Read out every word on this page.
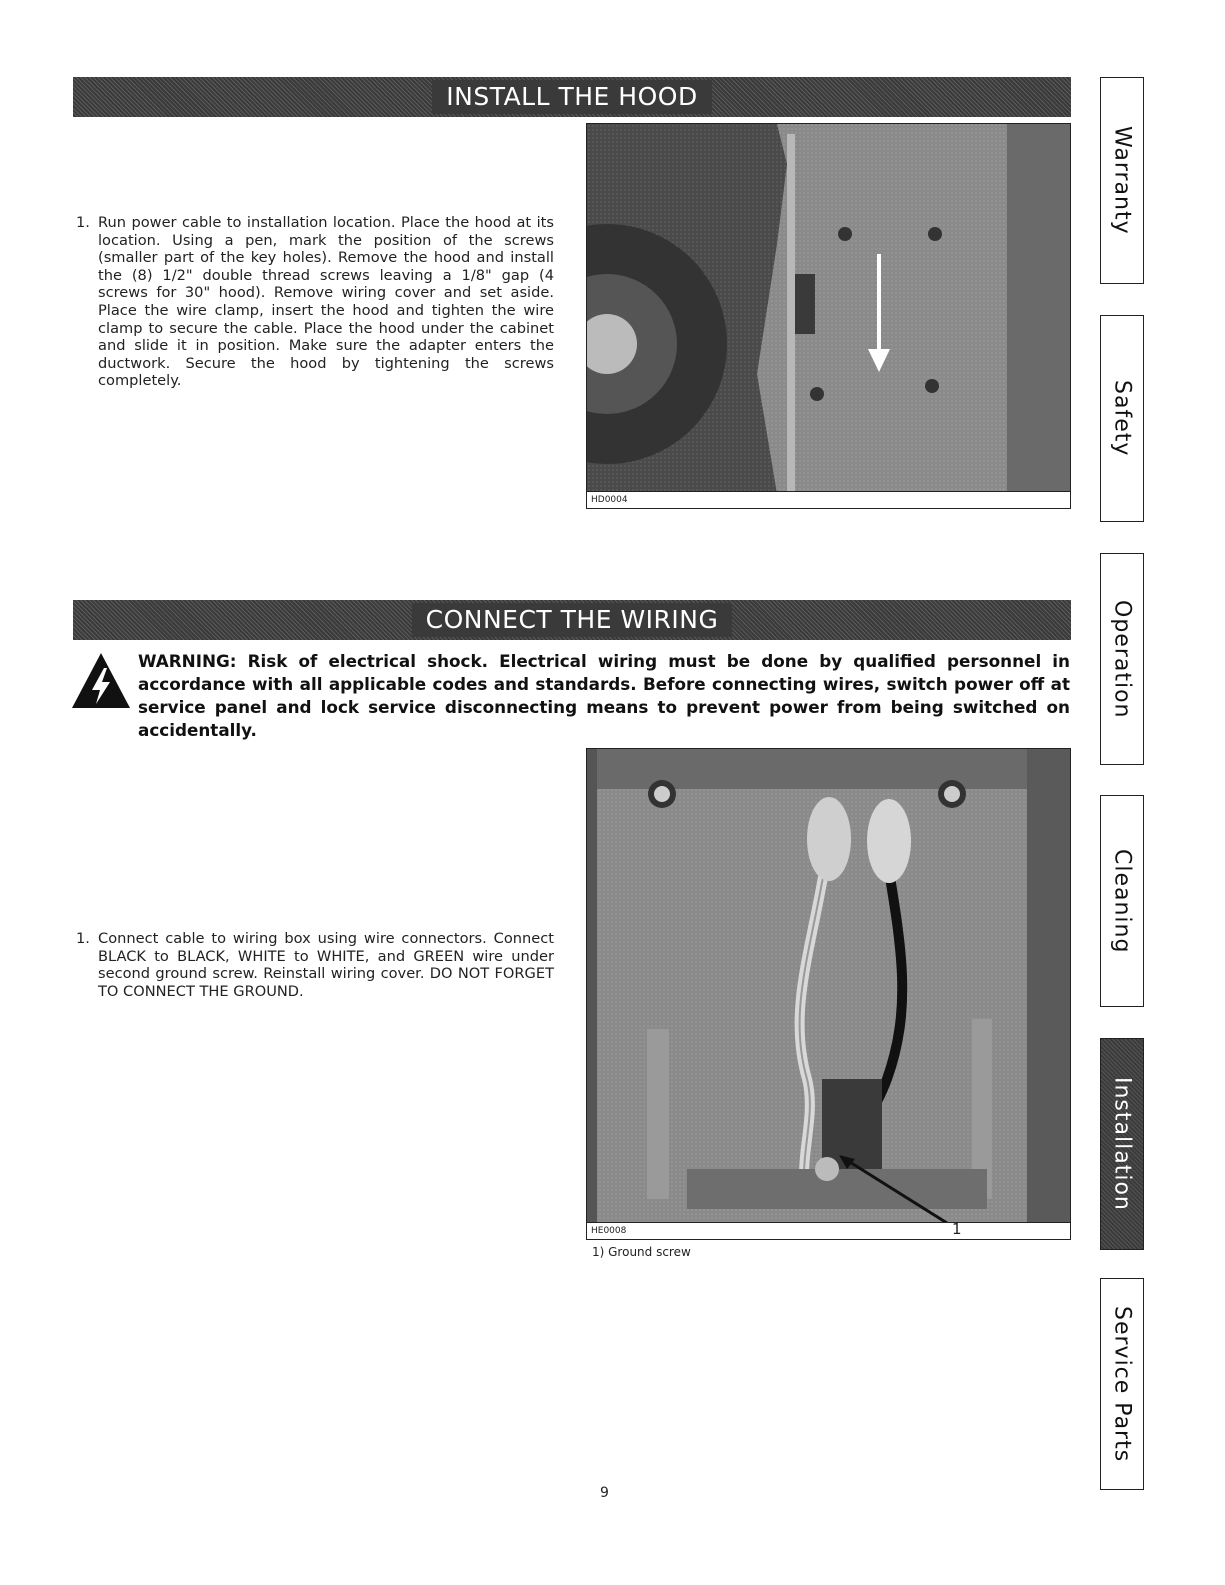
INSTALL THE HOOD
1. Run power cable to installation location. Place the hood at its location. Using a pen, mark the position of the screws (smaller part of the key holes). Remove the hood and install the (8) 1/2" double thread screws leaving a 1/8" gap (4 screws for 30" hood). Remove wiring cover and set aside. Place the wire clamp, insert the hood and tighten the wire clamp to secure the cable. Place the hood under the cabinet and slide it in position. Make sure the adapter enters the ductwork. Secure the hood by tightening the screws completely.
HD0004
CONNECT THE WIRING
WARNING: Risk of electrical shock. Electrical wiring must be done by qualified personnel in accordance with all applicable codes and standards. Before connecting wires, switch power off at service panel and lock service disconnecting means to prevent power from being switched on accidentally.
1. Connect cable to wiring box using wire connectors. Connect BLACK to BLACK, WHITE to WHITE, and GREEN wire under second ground screw. Reinstall wiring cover. DO NOT FORGET TO CONNECT THE GROUND.
HE0008	1
1) Ground screw
Warranty
Safety
Operation
Cleaning
Installation
Service Parts
9
